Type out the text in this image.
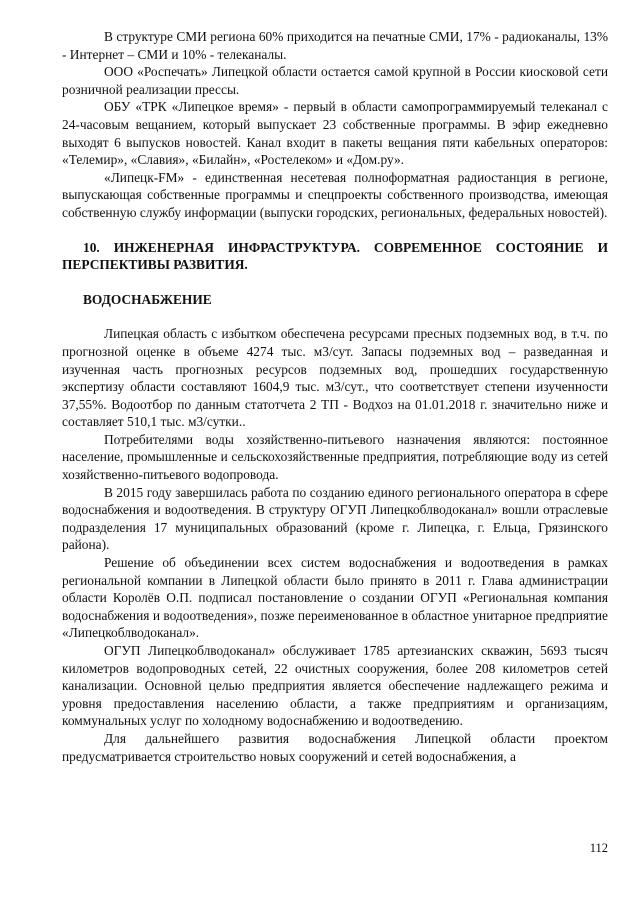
В структуре СМИ региона 60% приходится на печатные СМИ, 17% - радиоканалы, 13% - Интернет – СМИ и 10% - телеканалы.

ООО «Роспечать» Липецкой области остается самой крупной в России киосковой сети розничной реализации прессы.

ОБУ «ТРК «Липецкое время» - первый в области самопрограммируемый телеканал с 24-часовым вещанием, который выпускает 23 собственные программы. В эфир ежедневно выходят 6 выпусков новостей. Канал входит в пакеты вещания пяти кабельных операторов: «Телемир», «Славия», «Билайн», «Ростелеком» и «Дом.ру».

«Липецк-FM» - единственная несетевая полноформатная радиостанция в регионе, выпускающая собственные программы и спецпроекты собственного производства, имеющая собственную службу информации (выпуски городских, региональных, федеральных новостей).

10. ИНЖЕНЕРНАЯ ИНФРАСТРУКТУРА. СОВРЕМЕННОЕ СОСТОЯНИЕ И ПЕРСПЕКТИВЫ РАЗВИТИЯ.
ВОДОСНАБЖЕНИЕ

Липецкая область с избытком обеспечена ресурсами пресных подземных вод, в т.ч. по прогнозной оценке в объеме 4274 тыс. м3/сут. Запасы подземных вод – разведанная и изученная часть прогнозных ресурсов подземных вод, прошедших государственную экспертизу области составляют 1604,9 тыс. м3/сут., что соответствует степени изученности 37,55%. Водоотбор по данным статотчета 2 ТП - Водхоз на 01.01.2018 г. значительно ниже и составляет 510,1 тыс. м3/сутки..

Потребителями воды хозяйственно-питьевого назначения являются: постоянное население, промышленные и сельскохозяйственные предприятия, потребляющие воду из сетей хозяйственно-питьевого водопровода.

В 2015 году завершилась работа по созданию единого регионального оператора в сфере водоснабжения и водоотведения. В структуру ОГУП Липецкоблводоканал» вошли отраслевые подразделения 17 муниципальных образований (кроме г. Липецка, г. Ельца, Грязинского района).

Решение об объединении всех систем водоснабжения и водоотведения в рамках региональной компании в Липецкой области было принято в 2011 г. Глава администрации области Королёв О.П. подписал постановление о создании ОГУП «Региональная компания водоснабжения и водоотведения», позже переименованное в областное унитарное предприятие «Липецкоблводоканал».

ОГУП Липецкоблводоканал» обслуживает 1785 артезианских скважин, 5693 тысяч километров водопроводных сетей, 22 очистных сооружения, более 208 километров сетей канализации. Основной целью предприятия является обеспечение надлежащего режима и уровня предоставления населению области, а также предприятиям и организациям, коммунальных услуг по холодному водоснабжению и водоотведению.

Для дальнейшего развития водоснабжения Липецкой области проектом предусматривается строительство новых сооружений и сетей водоснабжения, а

112
